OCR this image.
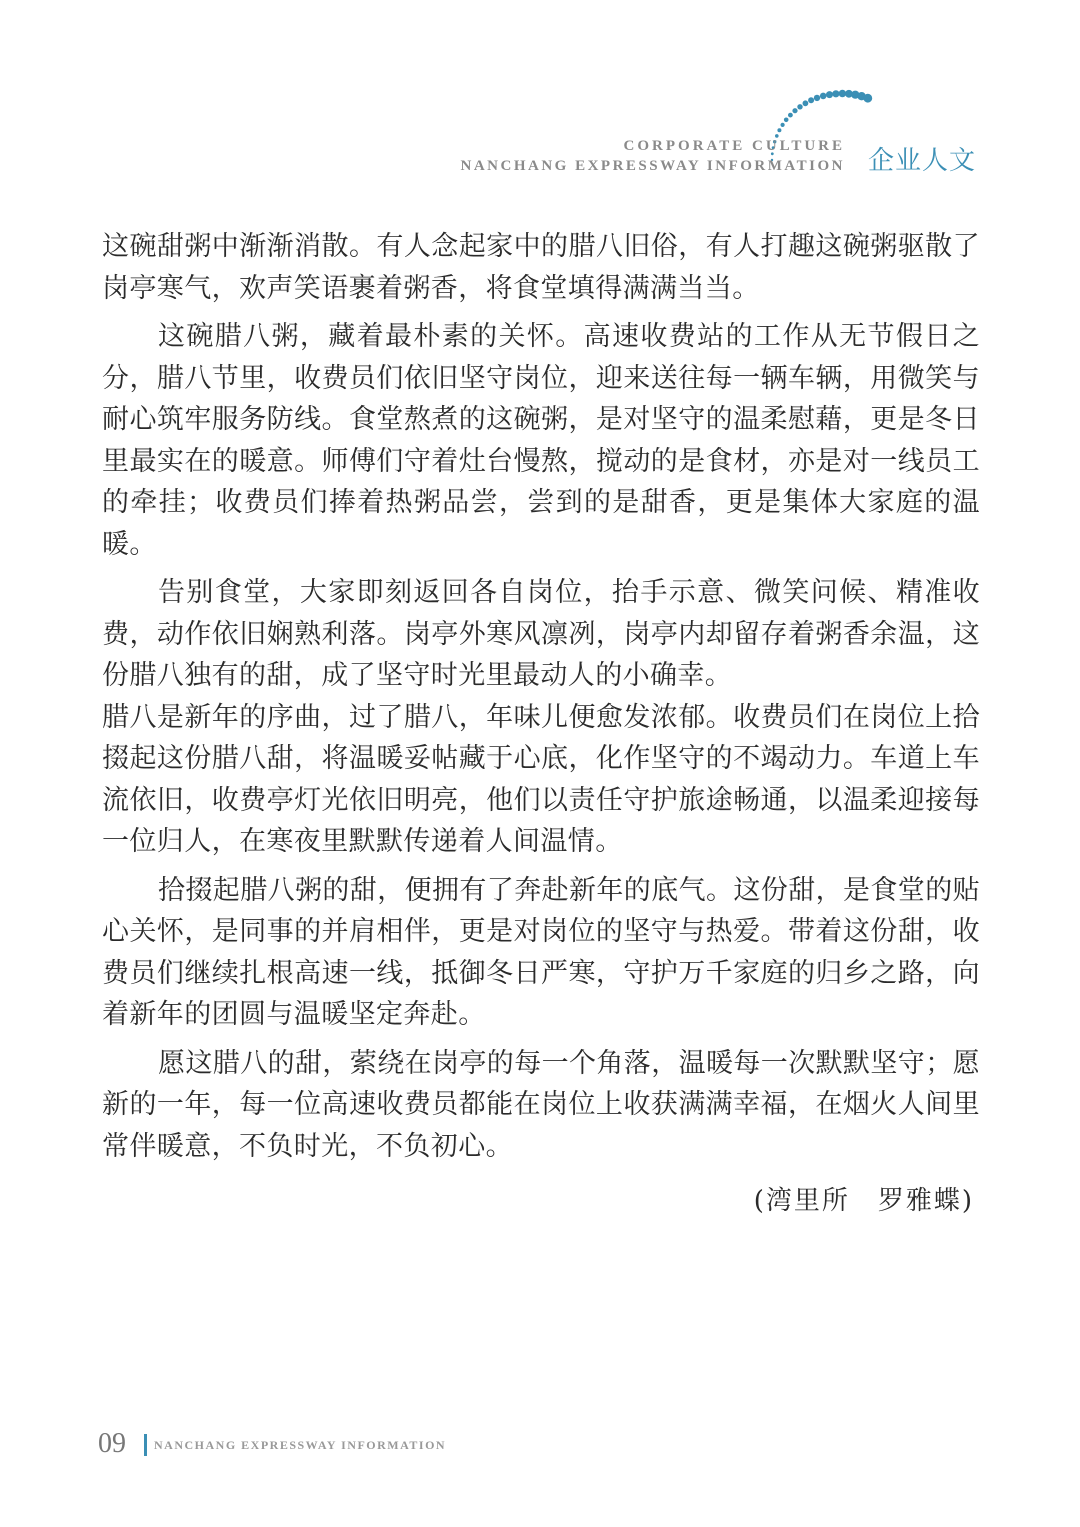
CORPORATE CULTURE
NANCHANG EXPRESSWAY INFORMATION 企业人文

这碗甜粥中渐渐消散。有人念起家中的腊八旧俗，有人打趣这碗粥驱散了岗亭寒气，欢声笑语裹着粥香，将食堂填得满满当当。

这碗腊八粥，藏着最朴素的关怀。高速收费站的工作从无节假日之分，腊八节里，收费员们依旧坚守岗位，迎来送往每一辆车辆，用微笑与耐心筑牢服务防线。食堂熬煮的这碗粥，是对坚守的温柔慰藉，更是冬日里最实在的暖意。师傅们守着灶台慢熬，搅动的是食材，亦是对一线员工的牵挂；收费员们捧着热粥品尝，尝到的是甜香，更是集体大家庭的温暖。

告别食堂，大家即刻返回各自岗位，抬手示意、微笑问候、精准收费，动作依旧娴熟利落。岗亭外寒风凛冽，岗亭内却留存着粥香余温，这份腊八独有的甜，成了坚守时光里最动人的小确幸。

腊八是新年的序曲，过了腊八，年味儿便愈发浓郁。收费员们在岗位上拾掇起这份腊八甜，将温暖妥帖藏于心底，化作坚守的不竭动力。车道上车流依旧，收费亭灯光依旧明亮，他们以责任守护旅途畅通，以温柔迎接每一位归人，在寒夜里默默传递着人间温情。

拾掇起腊八粥的甜，便拥有了奔赴新年的底气。这份甜，是食堂的贴心关怀，是同事的并肩相伴，更是对岗位的坚守与热爱。带着这份甜，收费员们继续扎根高速一线，抵御冬日严寒，守护万千家庭的归乡之路，向着新年的团圆与温暖坚定奔赴。

愿这腊八的甜，萦绕在岗亭的每一个角落，温暖每一次默默坚守；愿新的一年，每一位高速收费员都能在岗位上收获满满幸福，在烟火人间里常伴暖意，不负时光，不负初心。

(湾里所　罗雅蝶)
09 NANCHANG EXPRESSWAY INFORMATION
